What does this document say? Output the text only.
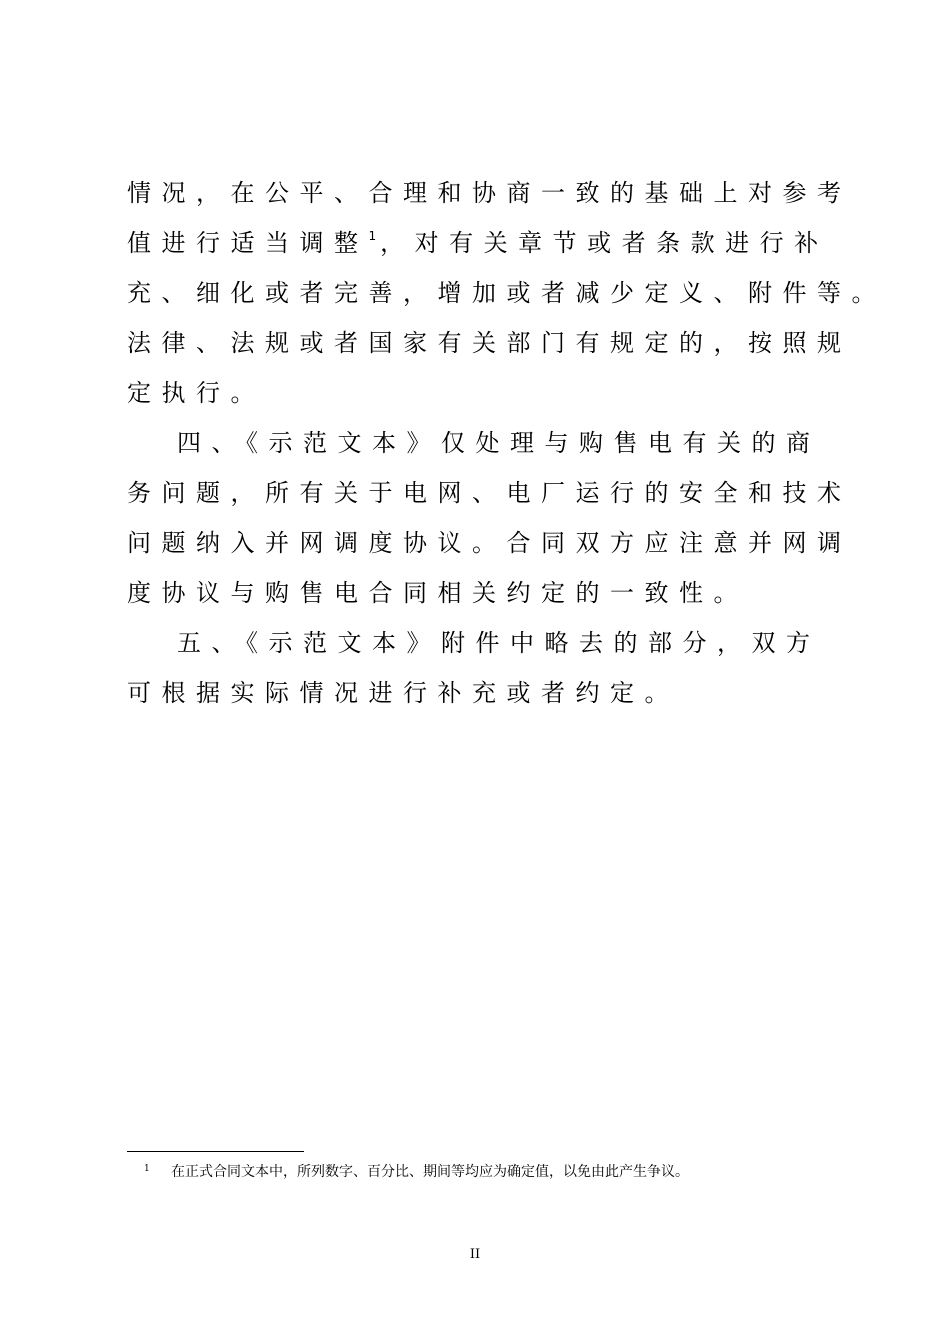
情况，在公平、合理和协商一致的基础上对参考
值进行适当调整$^1$，对有关章节或者条款进行补
充、细化或者完善，增加或者减少定义、附件等。
法律、法规或者国家有关部门有规定的，按照规
定执行。
四、《示范文本》仅处理与购售电有关的商
务问题，所有关于电网、电厂运行的安全和技术
问题纳入并网调度协议。合同双方应注意并网调
度协议与购售电合同相关约定的一致性。
五、《示范文本》附件中略去的部分，双方
可根据实际情况进行补充或者约定。
1 在正式合同文本中，所列数字、百分比、期间等均应为确定值，以免由此产生争议。
II
